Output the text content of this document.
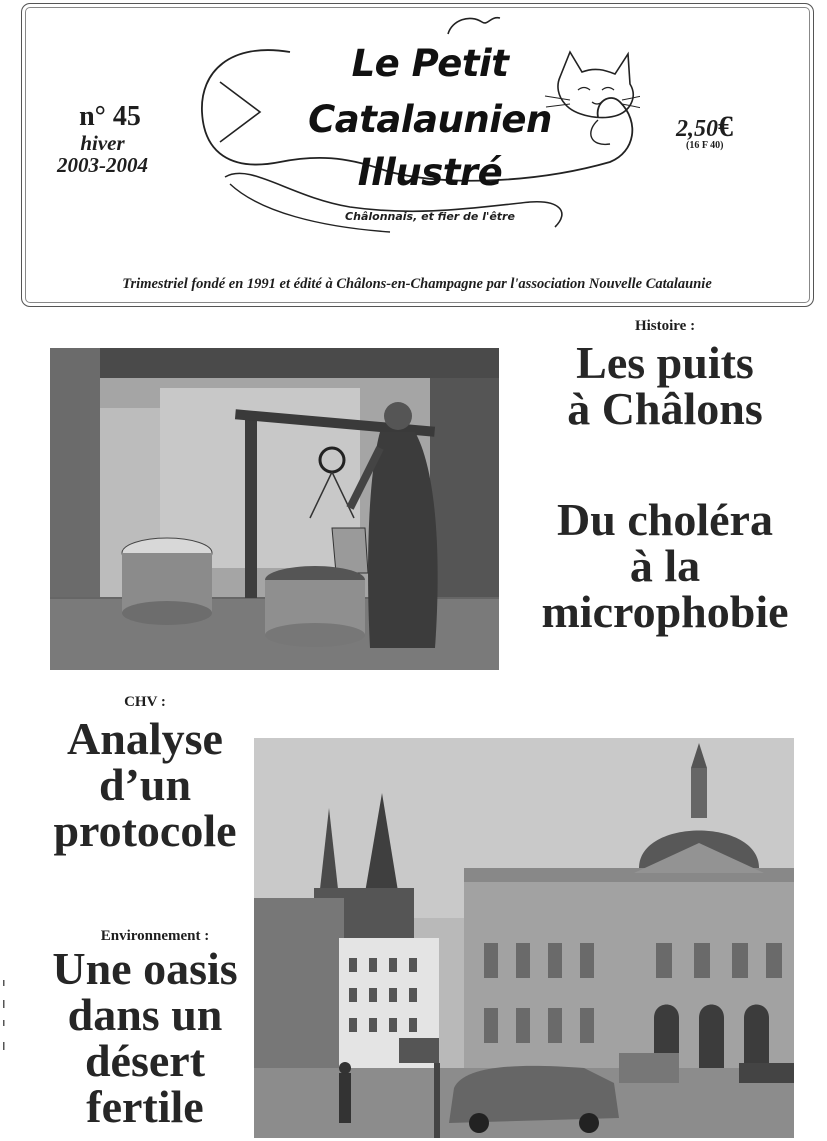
n° 45
hiver
2003-2004
Le Petit
Catalaunien
Illustré
Châlonnais, et fier de l'être
2,50€
(16 F 40)
Trimestriel fondé en 1991 et édité à Châlons-en-Champagne par l'association Nouvelle Catalaunie
Histoire :
Les puits
à Châlons
Du choléra
à la
microphobie
CHV :
Analyse
d’un
protocole
Environnement :
Une oasis
dans un
désert
fertile
